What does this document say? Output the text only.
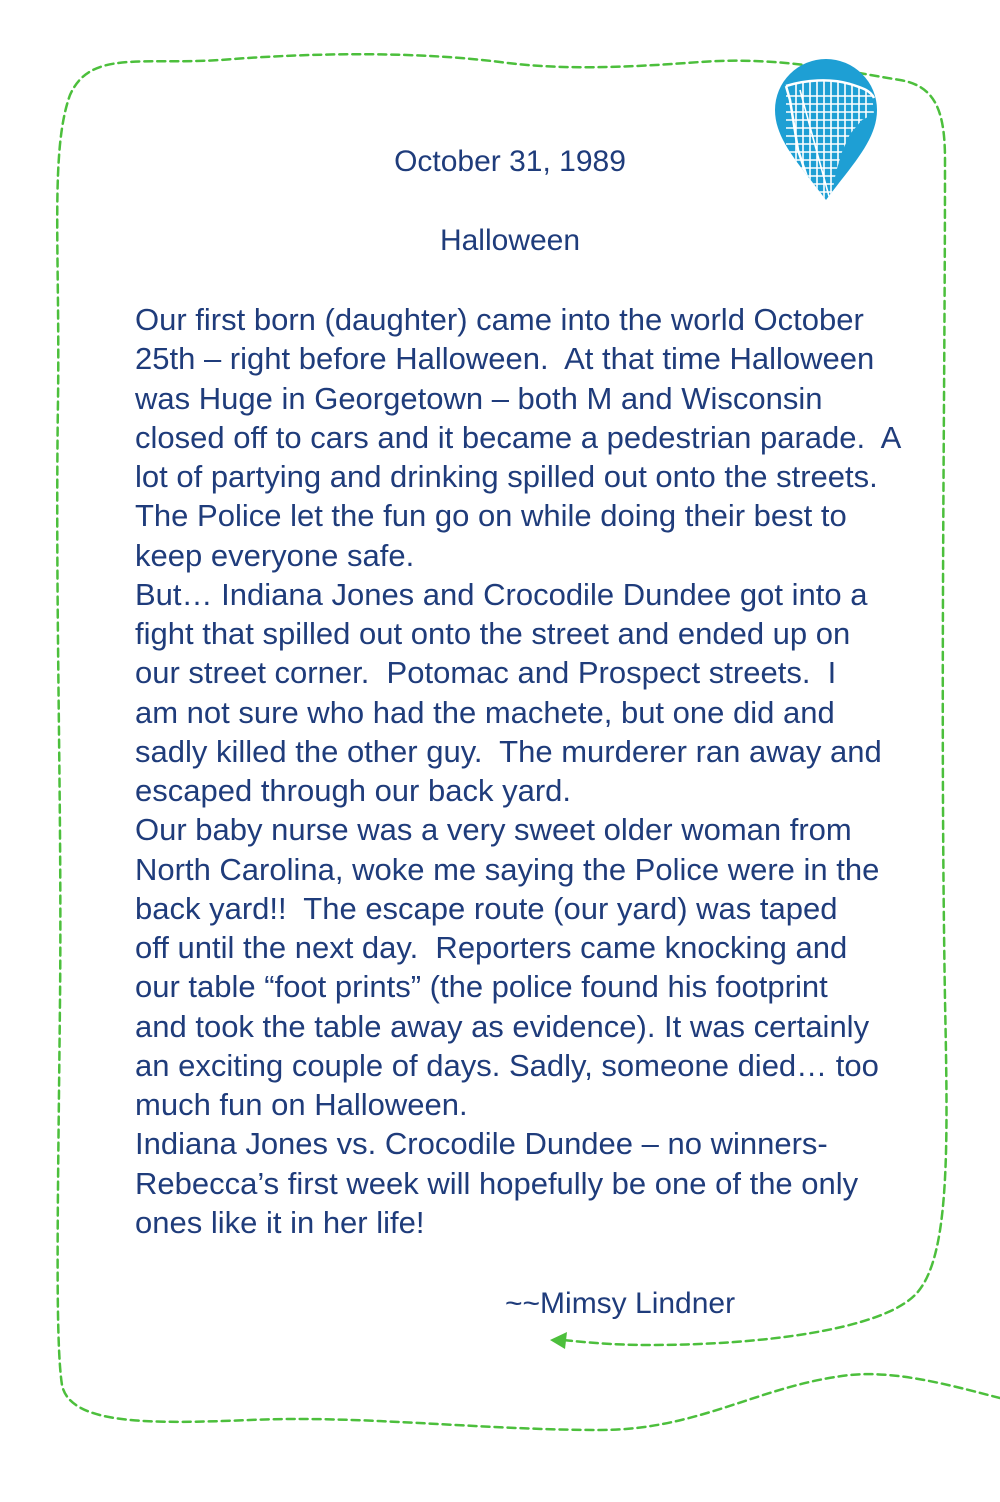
October 31, 1989
Halloween
Our first born (daughter) came into the world October
25th – right before Halloween.  At that time Halloween
was Huge in Georgetown – both M and Wisconsin
closed off to cars and it became a pedestrian parade.  A
lot of partying and drinking spilled out onto the streets.
The Police let the fun go on while doing their best to
keep everyone safe.
But… Indiana Jones and Crocodile Dundee got into a
fight that spilled out onto the street and ended up on
our street corner.  Potomac and Prospect streets.  I
am not sure who had the machete, but one did and
sadly killed the other guy.  The murderer ran away and
escaped through our back yard.
Our baby nurse was a very sweet older woman from
North Carolina, woke me saying the Police were in the
back yard!!  The escape route (our yard) was taped
off until the next day.  Reporters came knocking and
our table “foot prints” (the police found his footprint
and took the table away as evidence). It was certainly
an exciting couple of days. Sadly, someone died… too
much fun on Halloween.
Indiana Jones vs. Crocodile Dundee – no winners-
Rebecca’s first week will hopefully be one of the only
ones like it in her life!
~~Mimsy Lindner
